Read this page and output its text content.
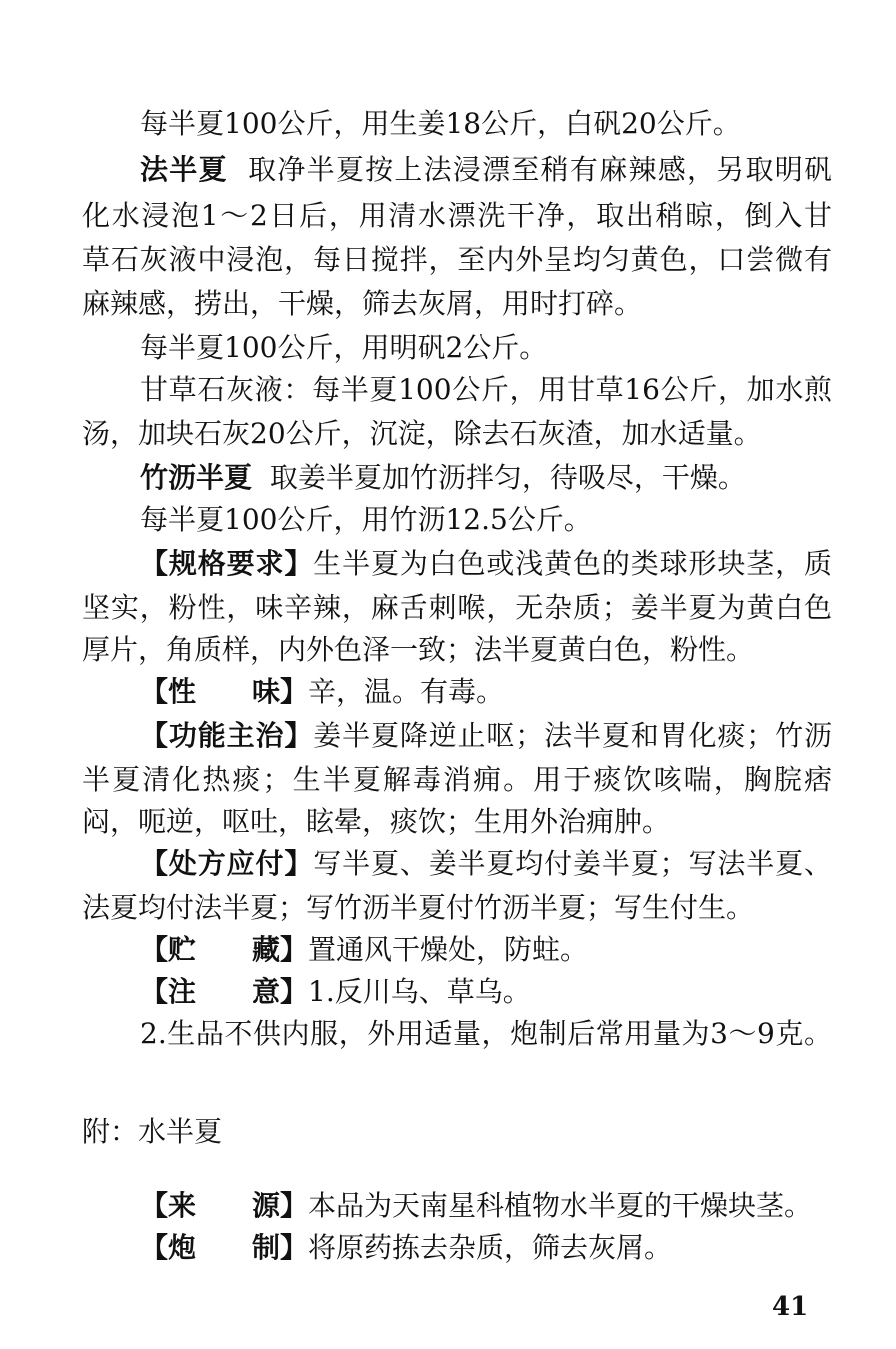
每半夏100公斤，用生姜18公斤，白矾20公斤。
法半夏 取净半夏按上法浸漂至稍有麻辣感，另取明矾
化水浸泡1～2日后，用清水漂洗干净，取出稍晾，倒入甘
草石灰液中浸泡，每日搅拌，至内外呈均匀黄色，口尝微有
麻辣感，捞出，干燥，筛去灰屑，用时打碎。
每半夏100公斤，用明矾2公斤。
甘草石灰液：每半夏100公斤，用甘草16公斤，加水煎
汤，加块石灰20公斤，沉淀，除去石灰渣，加水适量。
竹沥半夏 取姜半夏加竹沥拌匀，待吸尽，干燥。
每半夏100公斤，用竹沥12.5公斤。
【规格要求】生半夏为白色或浅黄色的类球形块茎，质
坚实，粉性，味辛辣，麻舌刺喉，无杂质；姜半夏为黄白色
厚片，角质样，内外色泽一致；法半夏黄白色，粉性。
【性 味】辛，温。有毒。
【功能主治】姜半夏降逆止呕；法半夏和胃化痰；竹沥
半夏清化热痰；生半夏解毒消痈。用于痰饮咳喘，胸脘痞
闷，呃逆，呕吐，眩晕，痰饮；生用外治痈肿。
【处方应付】写半夏、姜半夏均付姜半夏；写法半夏、
法夏均付法半夏；写竹沥半夏付竹沥半夏；写生付生。
【贮 藏】置通风干燥处，防蛀。
【注 意】1.反川乌、草乌。
2.生品不供内服，外用适量，炮制后常用量为3～9克。
附：水半夏
【来 源】本品为天南星科植物水半夏的干燥块茎。
【炮 制】将原药拣去杂质，筛去灰屑。
41
